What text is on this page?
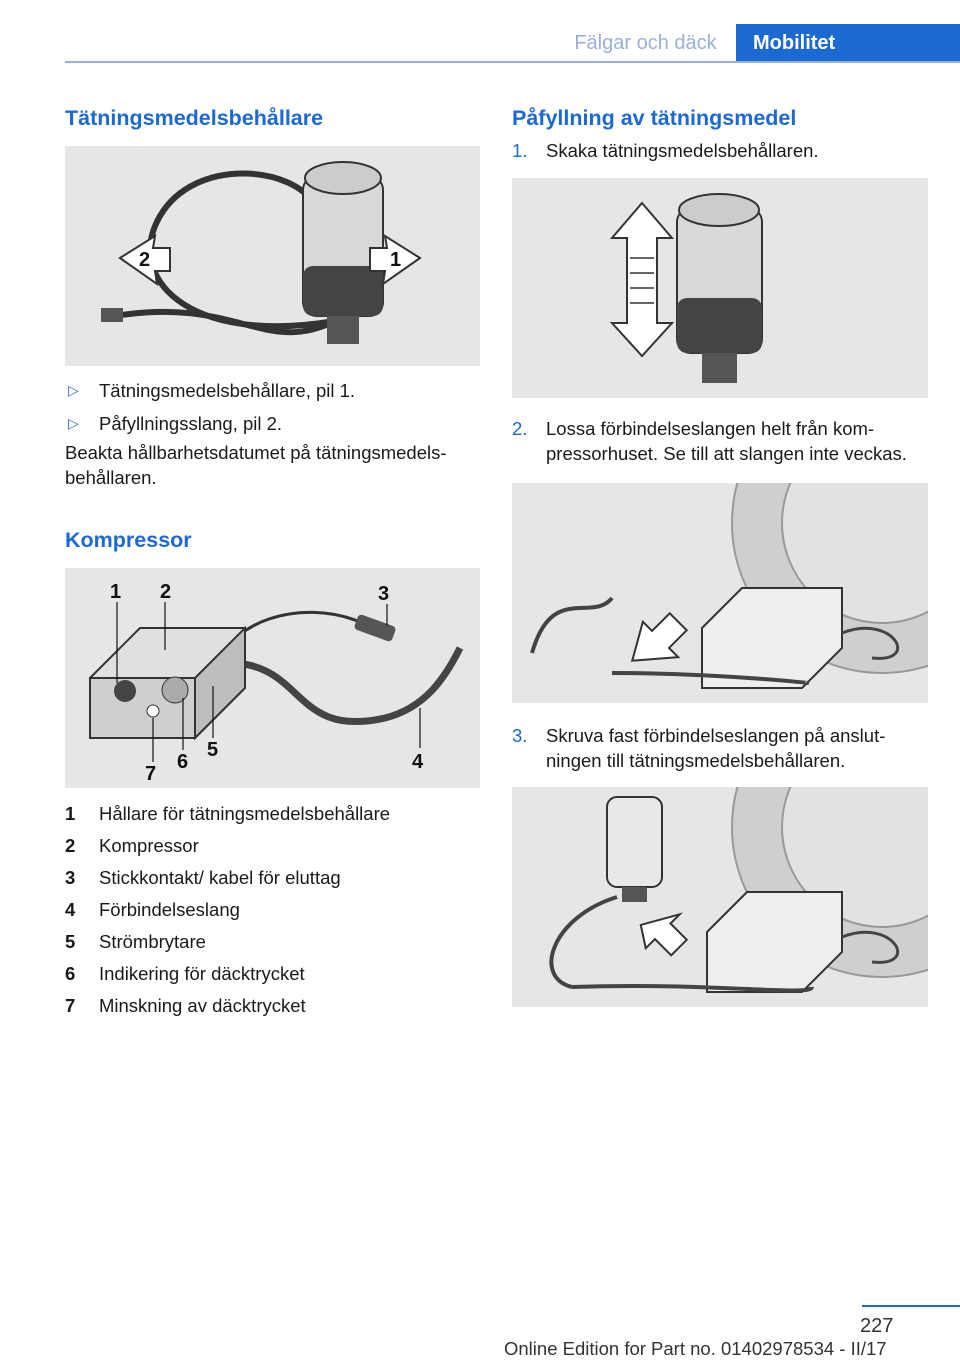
Fälgar och däck	Mobilitet
Tätningsmedelsbehållare
2	1
▷ Tätningsmedelsbehållare, pil 1.
▷ Påfyllningsslang, pil 2.

Beakta hållbarhetsdatumet på tätningsmedels-behållaren.

Kompressor
1 2	3
4
5
6
7
1 Hållare för tätningsmedelsbehållare
2 Kompressor
3 Stickkontakt/ kabel för eluttag
4 Förbindelseslang
5 Strömbrytare
6 Indikering för däcktrycket
7 Minskning av däcktrycket
Påfyllning av tätningsmedel
1. Skaka tätningsmedelsbehållaren.
2. Lossa förbindelseslangen helt från kom-pressorhuset. Se till att slangen inte veckas.
3. Skruva fast förbindelseslangen på anslut-ningen till tätningsmedelsbehållaren.
227
Online Edition for Part no. 01402978534 - II/17
